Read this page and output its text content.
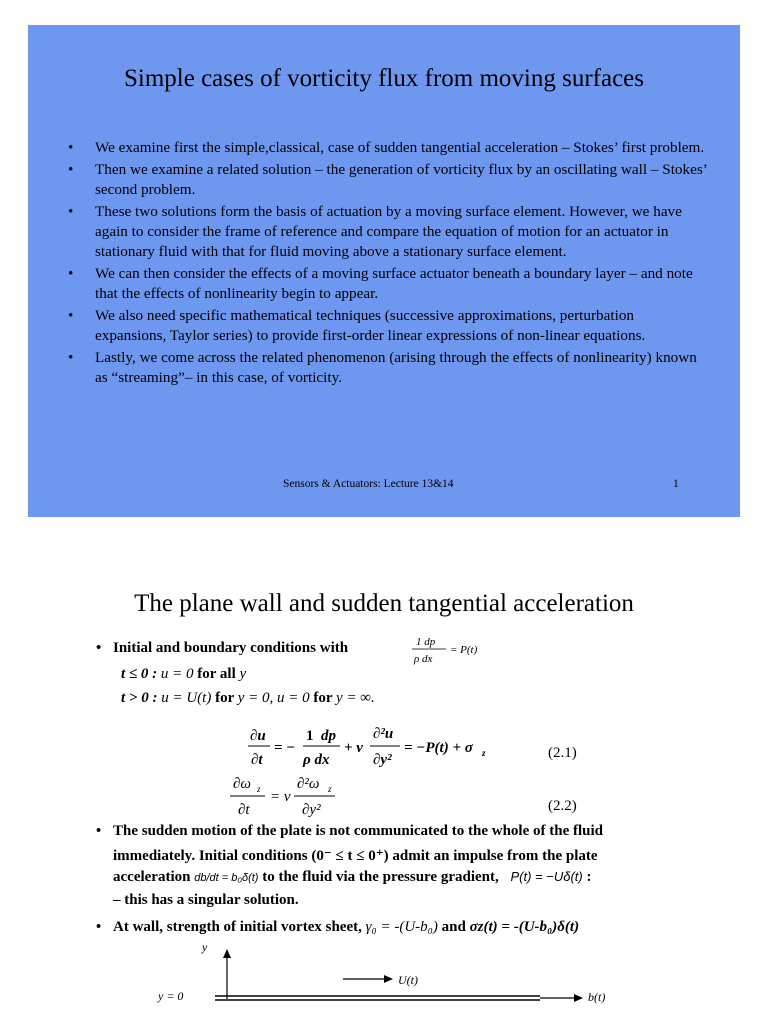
Simple cases of vorticity flux from moving surfaces
• We examine first the simple,classical, case of sudden tangential acceleration – Stokes’ first problem.
• Then we examine a related solution – the generation of vorticity flux by an oscillating wall – Stokes’ second problem.
• These two solutions form the basis of actuation by a moving surface element. However, we have again to consider the frame of reference and compare the equation of motion for an actuator in stationary fluid with that for fluid moving above a stationary surface element.
• We can then consider the effects of a moving surface actuator beneath a boundary layer – and note that the effects of nonlinearity begin to appear.
• We also need specific mathematical techniques (successive approximations, perturbation expansions, Taylor series) to provide first-order linear expressions of non-linear equations.
• Lastly, we come across the related phenomenon (arising through the effects of nonlinearity) known as “streaming”– in this case, of vorticity.
Sensors & Actuators: Lecture 13&14	1
The plane wall and sudden tangential acceleration
• Initial and boundary conditions with	1 dp
ρ dx
= P(t)
t ≤ 0 : u = 0 for all y
t > 0 : u = U(t) for y = 0, u = 0 for y = ∞.
∂u
∂t
= −
1 dp
ρ dx
+ ν
∂²u
∂y²
= −P(t) + σ z	(2.1)
∂ω z
∂t
= ν
∂²ω z
∂y²	(2.2)
• The sudden motion of the plate is not communicated to the whole of the fluid
immediately. Initial conditions (0⁻ ≤ t ≤ 0⁺) admit an impulse from the plate
acceleration db/dt = b₀δ(t) to the fluid via the pressure gradient, P(t) = −Uδ(t) :
– this has a singular solution.
• At wall, strength of initial vortex sheet, γ₀ = -(U-b₀) and σz(t) = -(U-b₀)δ(t)
y
y = 0
U(t)
b(t)
